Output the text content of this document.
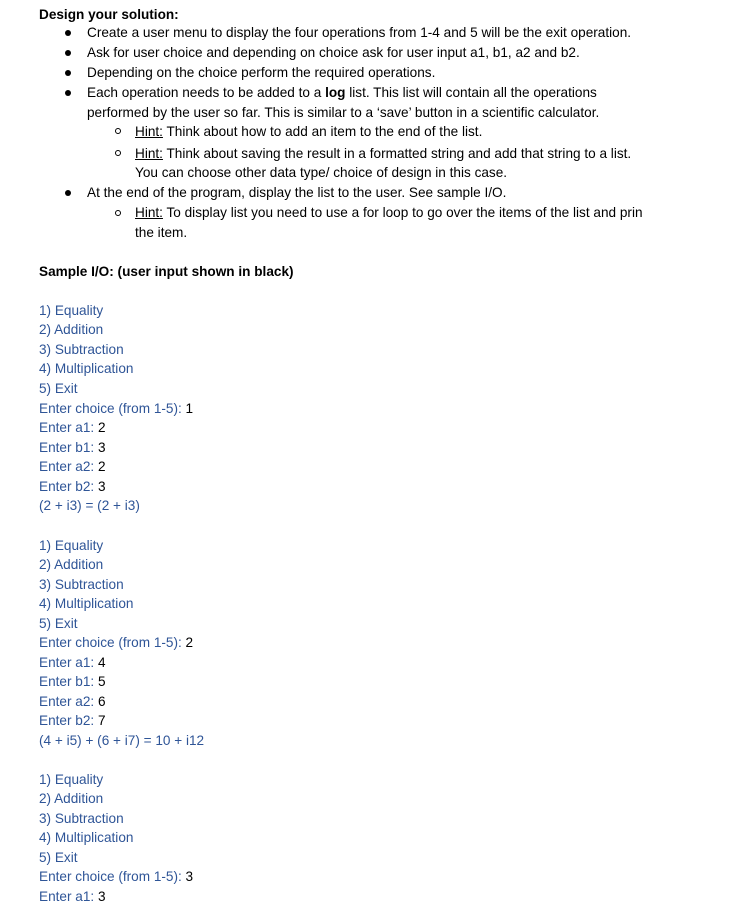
Design your solution:
Create a user menu to display the four operations from 1-4 and 5 will be the exit operation.
Ask for user choice and depending on choice ask for user input a1, b1, a2 and b2.
Depending on the choice perform the required operations.
Each operation needs to be added to a log list. This list will contain all the operations
performed by the user so far. This is similar to a ‘save’ button in a scientific calculator.
Hint: Think about how to add an item to the end of the list.
Hint: Think about saving the result in a formatted string and add that string to a list.
You can choose other data type/ choice of design in this case.
At the end of the program, display the list to the user. See sample I/O.
Hint: To display list you need to use a for loop to go over the items of the list and prin
the item.
Sample I/O: (user input shown in black)
1) Equality
2) Addition
3) Subtraction
4) Multiplication
5) Exit
Enter choice (from 1-5): 1
Enter a1: 2
Enter b1: 3
Enter a2: 2
Enter b2: 3
(2 + i3) = (2 + i3)
1) Equality
2) Addition
3) Subtraction
4) Multiplication
5) Exit
Enter choice (from 1-5): 2
Enter a1: 4
Enter b1: 5
Enter a2: 6
Enter b2: 7
(4 + i5) + (6 + i7) = 10 + i12
1) Equality
2) Addition
3) Subtraction
4) Multiplication
5) Exit
Enter choice (from 1-5): 3
Enter a1: 3
